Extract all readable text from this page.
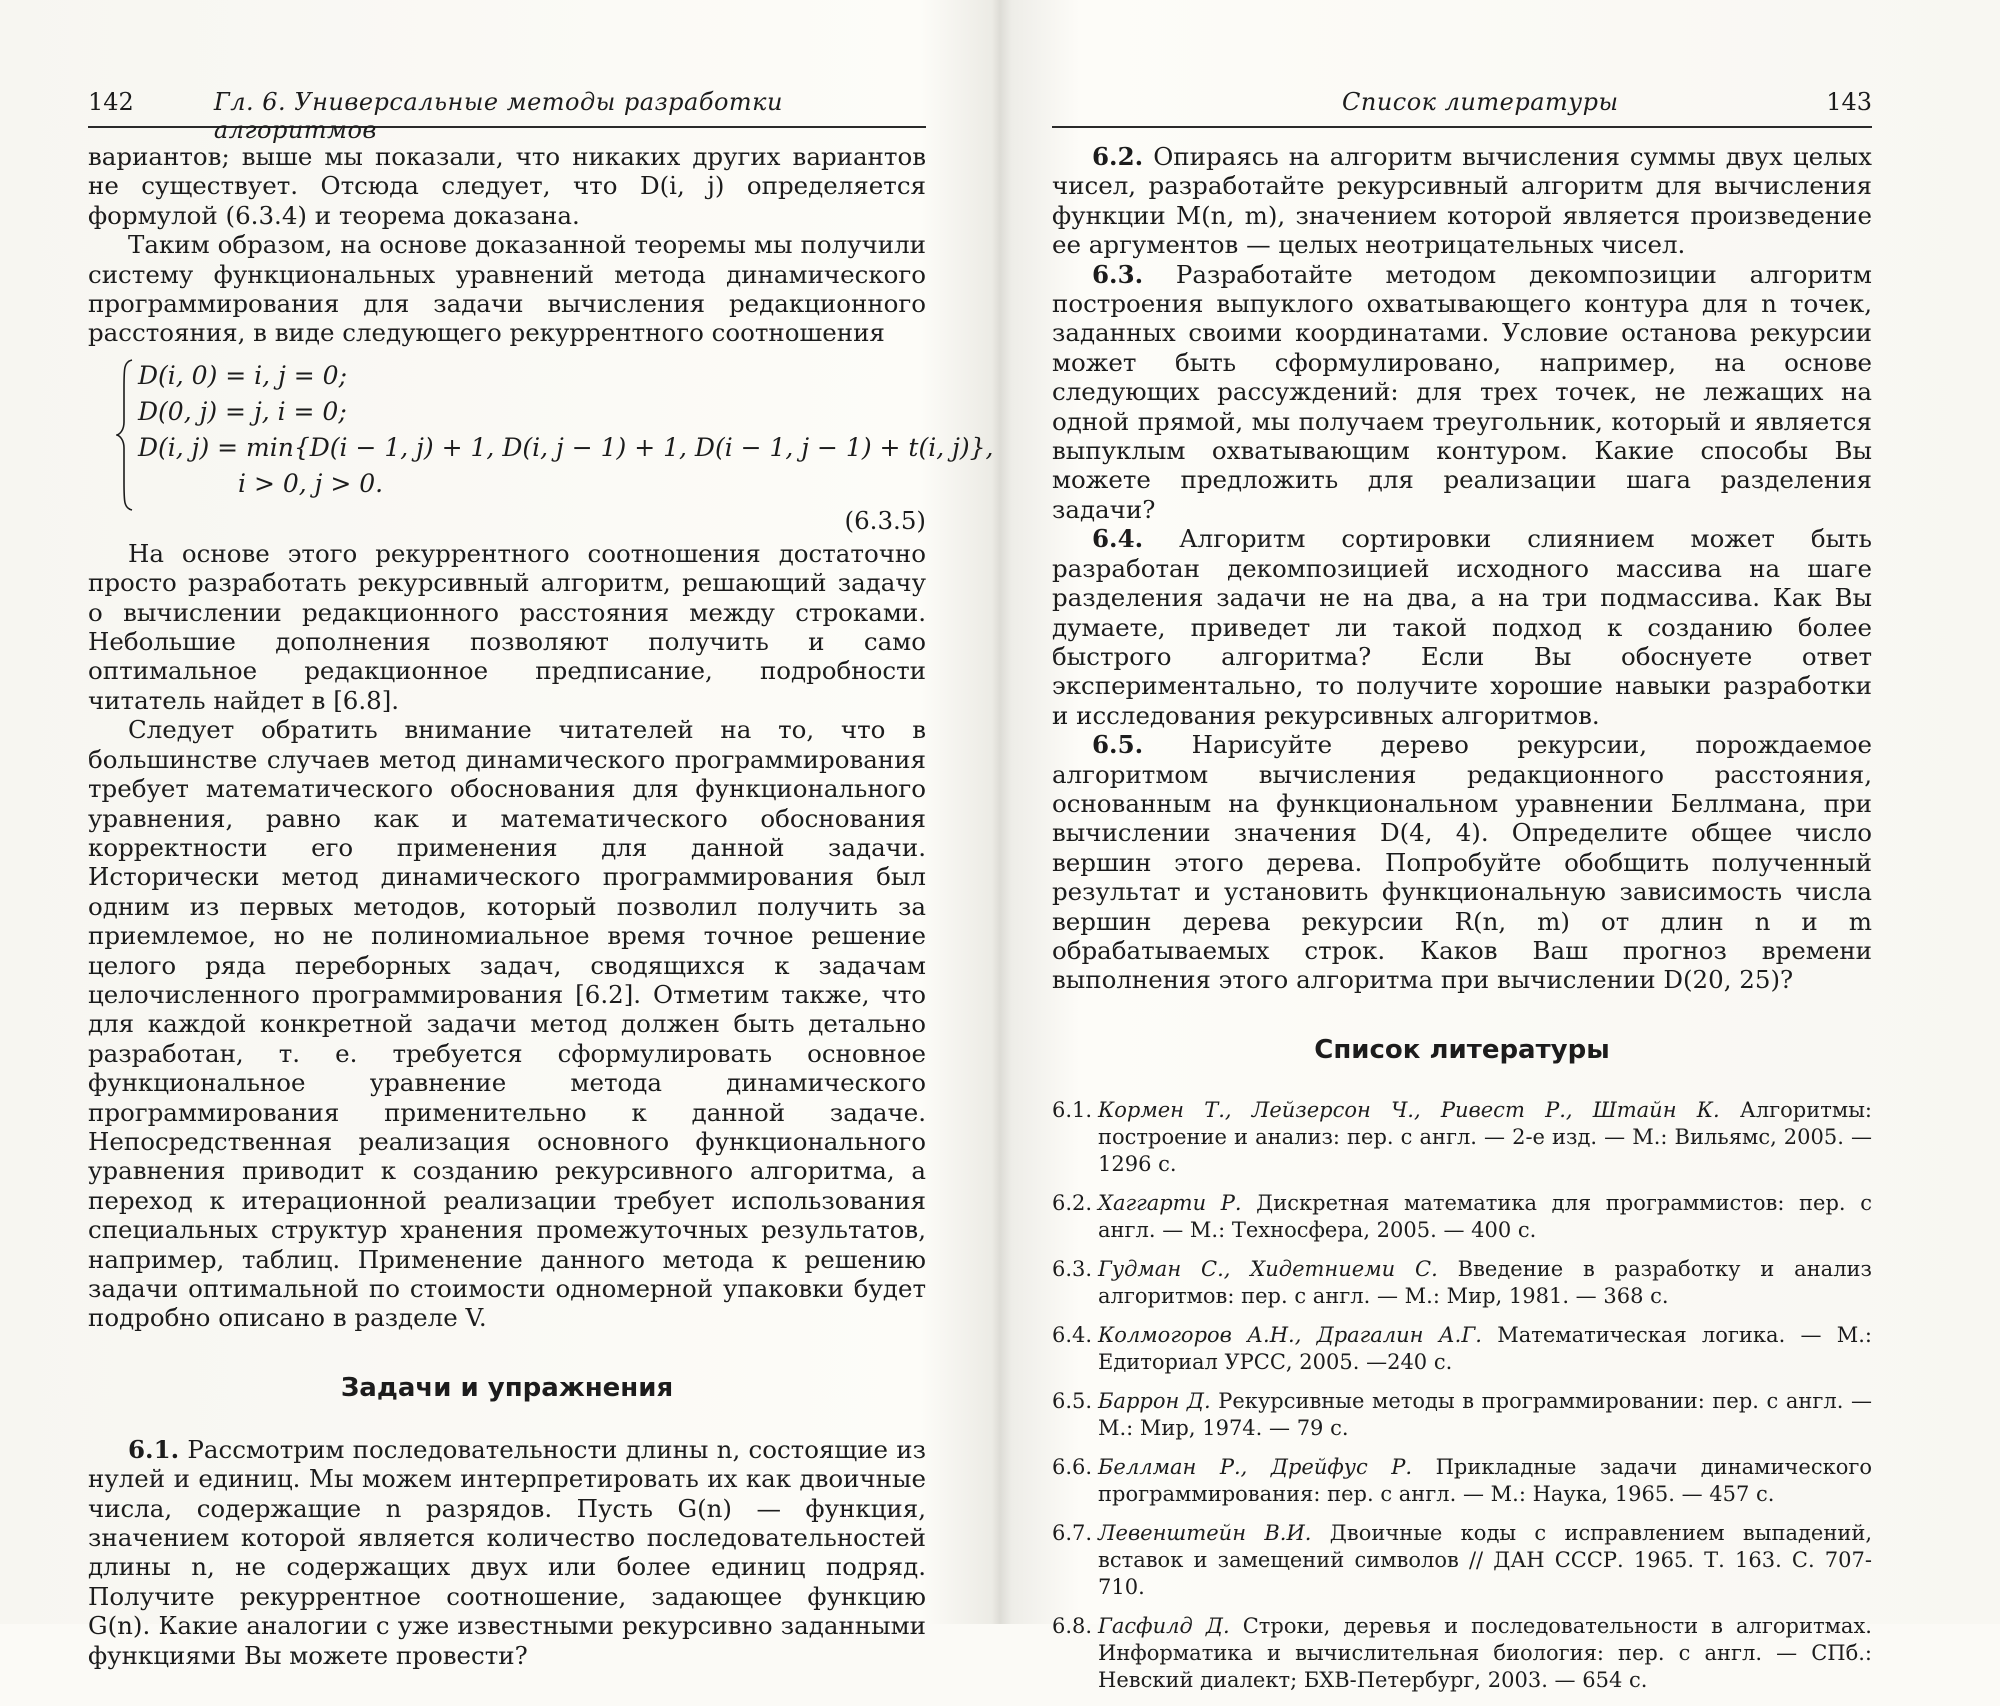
142	Гл. 6. Универсальные методы разработки алгоритмов

вариантов; выше мы показали, что никаких других вариантов не существует. Отсюда следует, что D(i, j) определяется формулой (6.3.4) и теорема доказана.

Таким образом, на основе доказанной теоремы мы получили систему функциональных уравнений метода динамического программирования для задачи вычисления редакционного расстояния, в виде следующего рекуррентного соотношения

D(i, 0) = i, j = 0;
D(0, j) = j, i = 0;
D(i, j) = min{D(i − 1, j) + 1, D(i, j − 1) + 1, D(i − 1, j − 1) + t(i, j)},
i > 0, j > 0.
(6.3.5)

На основе этого рекуррентного соотношения достаточно просто разработать рекурсивный алгоритм, решающий задачу о вычислении редакционного расстояния между строками. Небольшие дополнения позволяют получить и само оптимальное редакционное предписание, подробности читатель найдет в [6.8].

Следует обратить внимание читателей на то, что в большинстве случаев метод динамического программирования требует математического обоснования для функционального уравнения, равно как и математического обоснования корректности его применения для данной задачи. Исторически метод динамического программирования был одним из первых методов, который позволил получить за приемлемое, но не полиномиальное время точное решение целого ряда переборных задач, сводящихся к задачам целочисленного программирования [6.2]. Отметим также, что для каждой конкретной задачи метод должен быть детально разработан, т. е. требуется сформулировать основное функциональное уравнение метода динамического программирования применительно к данной задаче. Непосредственная реализация основного функционального уравнения приводит к созданию рекурсивного алгоритма, а переход к итерационной реализации требует использования специальных структур хранения промежуточных результатов, например, таблиц. Применение данного метода к решению задачи оптимальной по стоимости одномерной упаковки будет подробно описано в разделе V.

Задачи и упражнения

6.1. Рассмотрим последовательности длины n, состоящие из нулей и единиц. Мы можем интерпретировать их как двоичные числа, содержащие n разрядов. Пусть G(n) — функция, значением которой является количество последовательностей длины n, не содержащих двух или более единиц подряд. Получите рекуррентное соотношение, задающее функцию G(n). Какие аналогии с уже известными рекурсивно заданными функциями Вы можете провести?

Список литературы	143

6.2. Опираясь на алгоритм вычисления суммы двух целых чисел, разработайте рекурсивный алгоритм для вычисления функции M(n, m), значением которой является произведение ее аргументов — целых неотрицательных чисел.

6.3. Разработайте методом декомпозиции алгоритм построения выпуклого охватывающего контура для n точек, заданных своими координатами. Условие останова рекурсии может быть сформулировано, например, на основе следующих рассуждений: для трех точек, не лежащих на одной прямой, мы получаем треугольник, который и является выпуклым охватывающим контуром. Какие способы Вы можете предложить для реализации шага разделения задачи?

6.4. Алгоритм сортировки слиянием может быть разработан декомпозицией исходного массива на шаге разделения задачи не на два, а на три подмассива. Как Вы думаете, приведет ли такой подход к созданию более быстрого алгоритма? Если Вы обоснуете ответ экспериментально, то получите хорошие навыки разработки и исследования рекурсивных алгоритмов.

6.5. Нарисуйте дерево рекурсии, порождаемое алгоритмом вычисления редакционного расстояния, основанным на функциональном уравнении Беллмана, при вычислении значения D(4, 4). Определите общее число вершин этого дерева. Попробуйте обобщить полученный результат и установить функциональную зависимость числа вершин дерева рекурсии R(n, m) от длин n и m обрабатываемых строк. Каков Ваш прогноз времени выполнения этого алгоритма при вычислении D(20, 25)?

Список литературы
6.1. Кормен Т., Лейзерсон Ч., Ривест Р., Штайн К. Алгоритмы: построение и анализ: пер. с англ. — 2-е изд. — М.: Вильямс, 2005. — 1296 с.
6.2. Хаггарти Р. Дискретная математика для программистов: пер. с англ. — М.: Техносфера, 2005. — 400 с.
6.3. Гудман С., Хидетниеми С. Введение в разработку и анализ алгоритмов: пер. с англ. — М.: Мир, 1981. — 368 с.
6.4. Колмогоров А.Н., Драгалин А.Г. Математическая логика. — М.: Едиториал УРСС, 2005. —240 с.
6.5. Баррон Д. Рекурсивные методы в программировании: пер. с англ. — М.: Мир, 1974. — 79 с.
6.6. Беллман Р., Дрейфус Р. Прикладные задачи динамического программирования: пер. с англ. — М.: Наука, 1965. — 457 с.
6.7. Левенштейн В.И. Двоичные коды с исправлением выпадений, вставок и замещений символов // ДАН СССР. 1965. Т. 163. С. 707-710.
6.8. Гасфилд Д. Строки, деревья и последовательности в алгоритмах. Информатика и вычислительная биология: пер. с англ. — СПб.: Невский диалект; БХВ-Петербург, 2003. — 654 с.
